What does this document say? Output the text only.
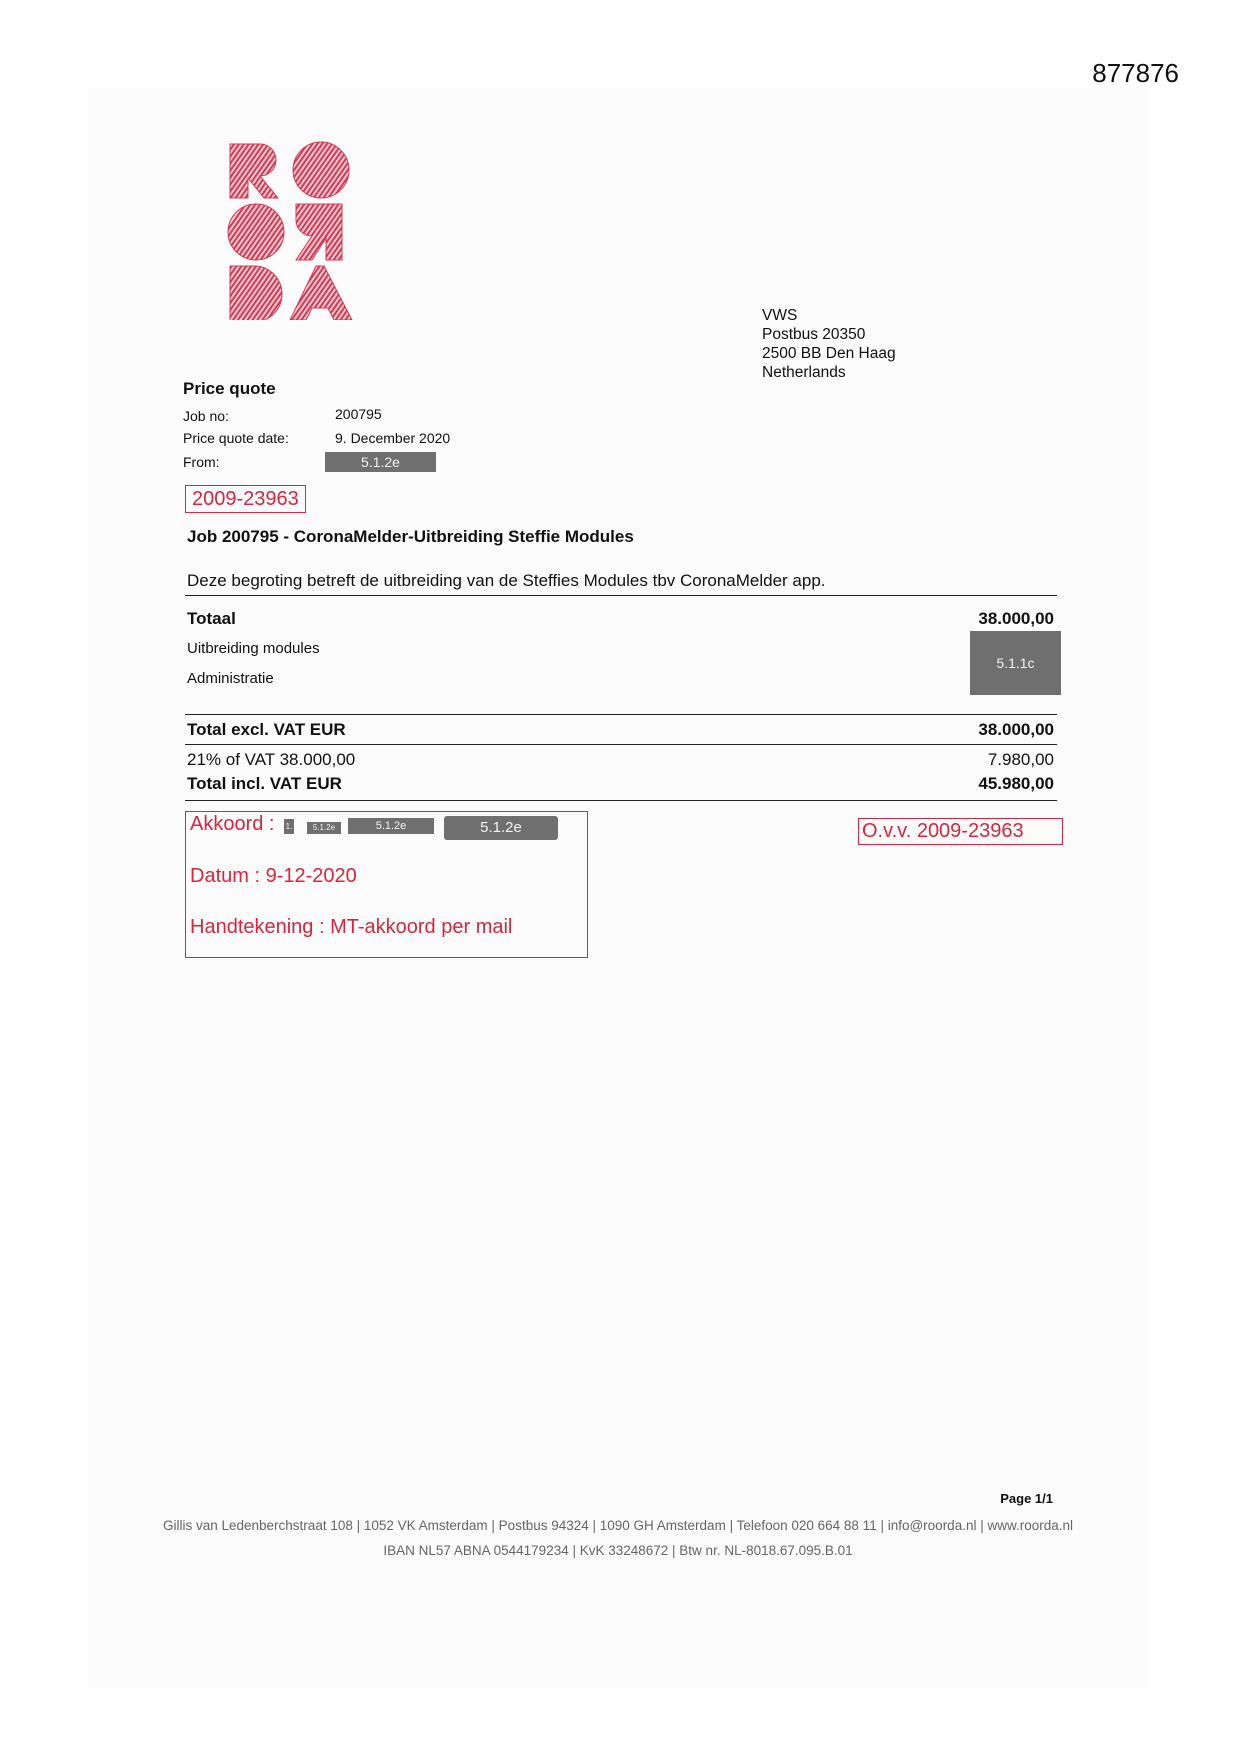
877876
VWS
Postbus 20350
2500 BB Den Haag
Netherlands
Price quote
Job no:	200795
Price quote date:	9. December 2020
From:	5.1.2e
2009-23963
Job 200795 - CoronaMelder-Uitbreiding Steffie Modules
Deze begroting betreft de uitbreiding van de Steffies Modules tbv CoronaMelder app.
Totaal	38.000,00
Uitbreiding modules
Administratie
5.1.1c
Total excl. VAT EUR	38.000,00
21% of VAT 38.000,00	7.980,00
Total incl. VAT EUR	45.980,00
Akkoord : 1.	5.1.2e	5.1.2e	5.1.2e
Datum : 9-12-2020
Handtekening : MT-akkoord per mail
O.v.v. 2009-23963
Page 1/1
Gillis van Ledenberchstraat 108 | 1052 VK Amsterdam | Postbus 94324 | 1090 GH Amsterdam | Telefoon 020 664 88 11 | info@roorda.nl | www.roorda.nl
IBAN NL57 ABNA 0544179234 | KvK 33248672 | Btw nr. NL-8018.67.095.B.01
